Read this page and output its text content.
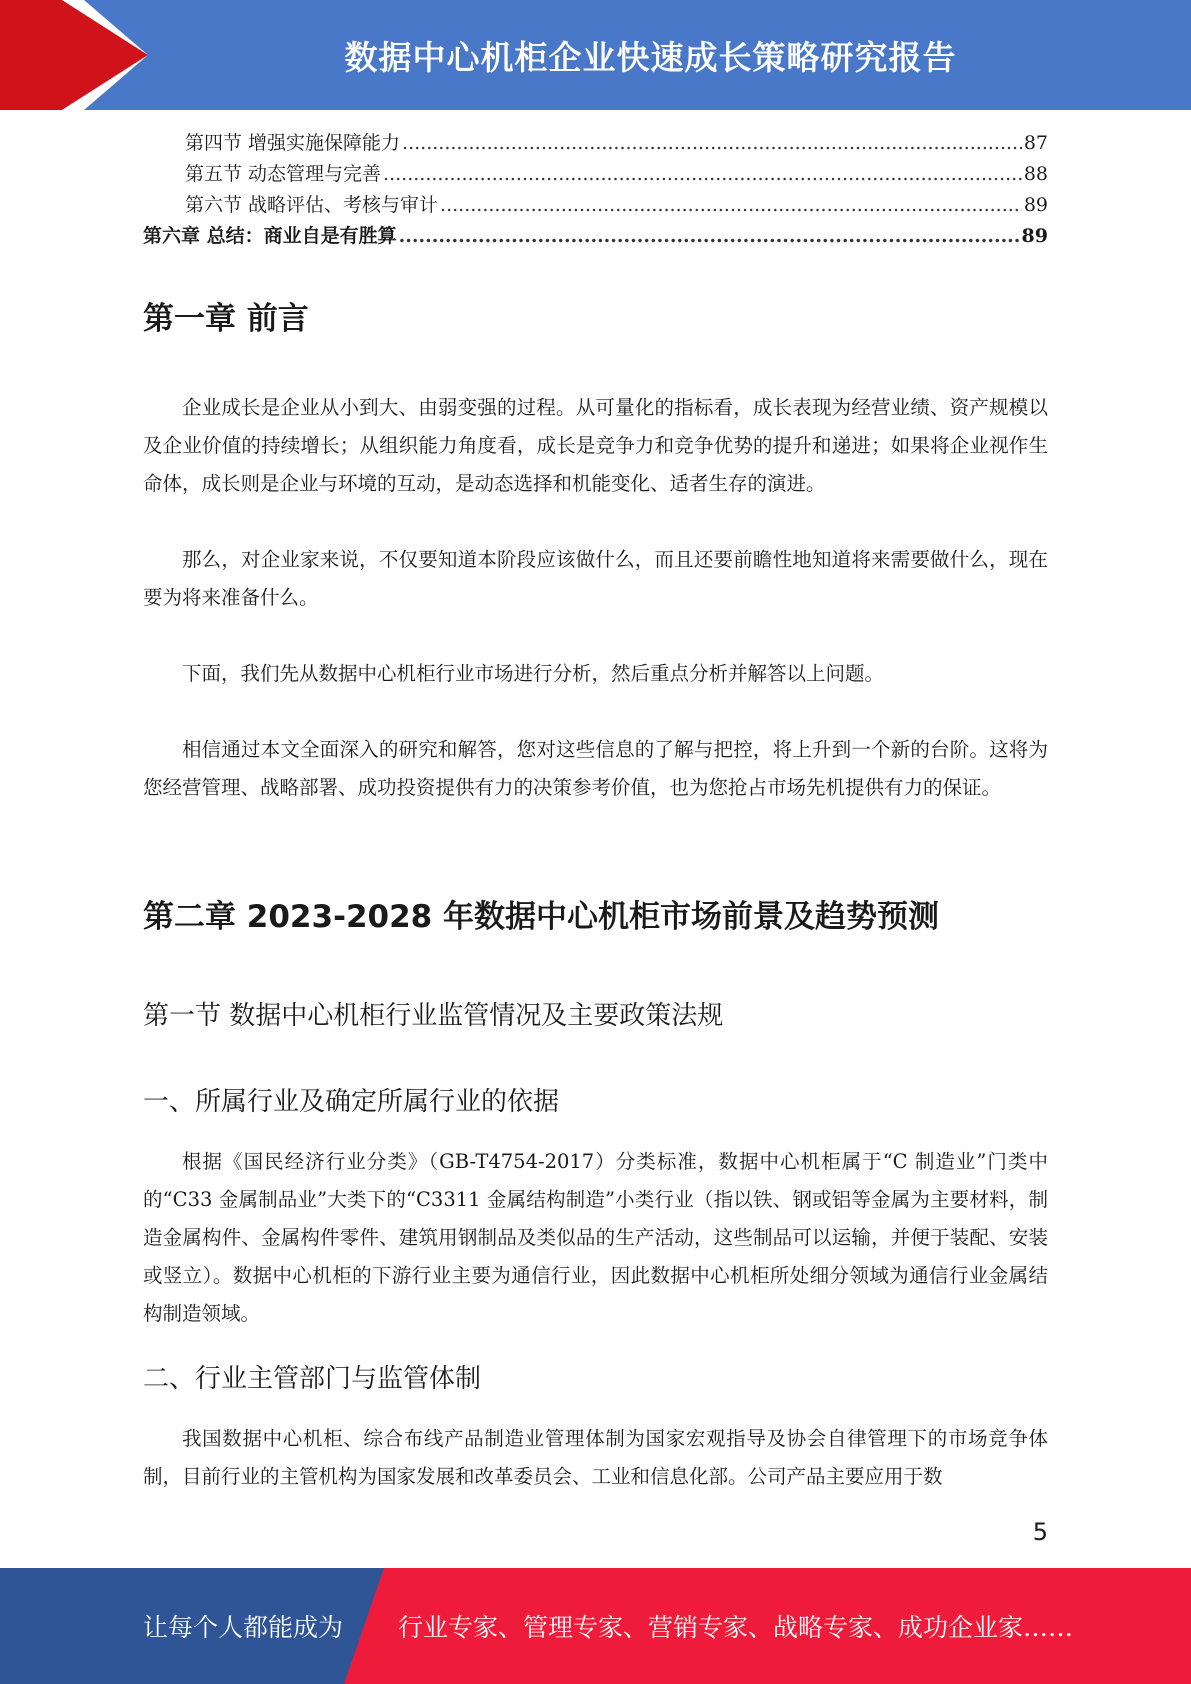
数据中心机柜企业快速成长策略研究报告
第四节 增强实施保障能力 .....	87
第五节 动态管理与完善 .....	88
第六节 战略评估、考核与审计 .....	89
第六章 总结：商业自是有胜算 .....	89
第一章 前言

企业成长是企业从小到大、由弱变强的过程。从可量化的指标看，成长表现为经营业绩、资产规模以及企业价值的持续增长；从组织能力角度看，成长是竞争力和竞争优势的提升和递进；如果将企业视作生命体，成长则是企业与环境的互动，是动态选择和机能变化、适者生存的演进。

那么，对企业家来说，不仅要知道本阶段应该做什么，而且还要前瞻性地知道将来需要做什么，现在要为将来准备什么。

下面，我们先从数据中心机柜行业市场进行分析，然后重点分析并解答以上问题。

相信通过本文全面深入的研究和解答，您对这些信息的了解与把控，将上升到一个新的台阶。这将为您经营管理、战略部署、成功投资提供有力的决策参考价值，也为您抢占市场先机提供有力的保证。

第二章 2023-2028 年数据中心机柜市场前景及趋势预测
第一节 数据中心机柜行业监管情况及主要政策法规
一、所属行业及确定所属行业的依据

根据《国民经济行业分类》（GB-T4754-2017）分类标准，数据中心机柜属于“C 制造业”门类中的“C33 金属制品业”大类下的“C3311 金属结构制造”小类行业（指以铁、钢或铝等金属为主要材料，制造金属构件、金属构件零件、建筑用钢制品及类似品的生产活动，这些制品可以运输，并便于装配、安装或竖立）。数据中心机柜的下游行业主要为通信行业，因此数据中心机柜所处细分领域为通信行业金属结构制造领域。

二、行业主管部门与监管体制

我国数据中心机柜、综合布线产品制造业管理体制为国家宏观指导及协会自律管理下的市场竞争体制，目前行业的主管机构为国家发展和改革委员会、工业和信息化部。公司产品主要应用于数

5
让每个人都能成为 行业专家、管理专家、营销专家、战略专家、成功企业家……
